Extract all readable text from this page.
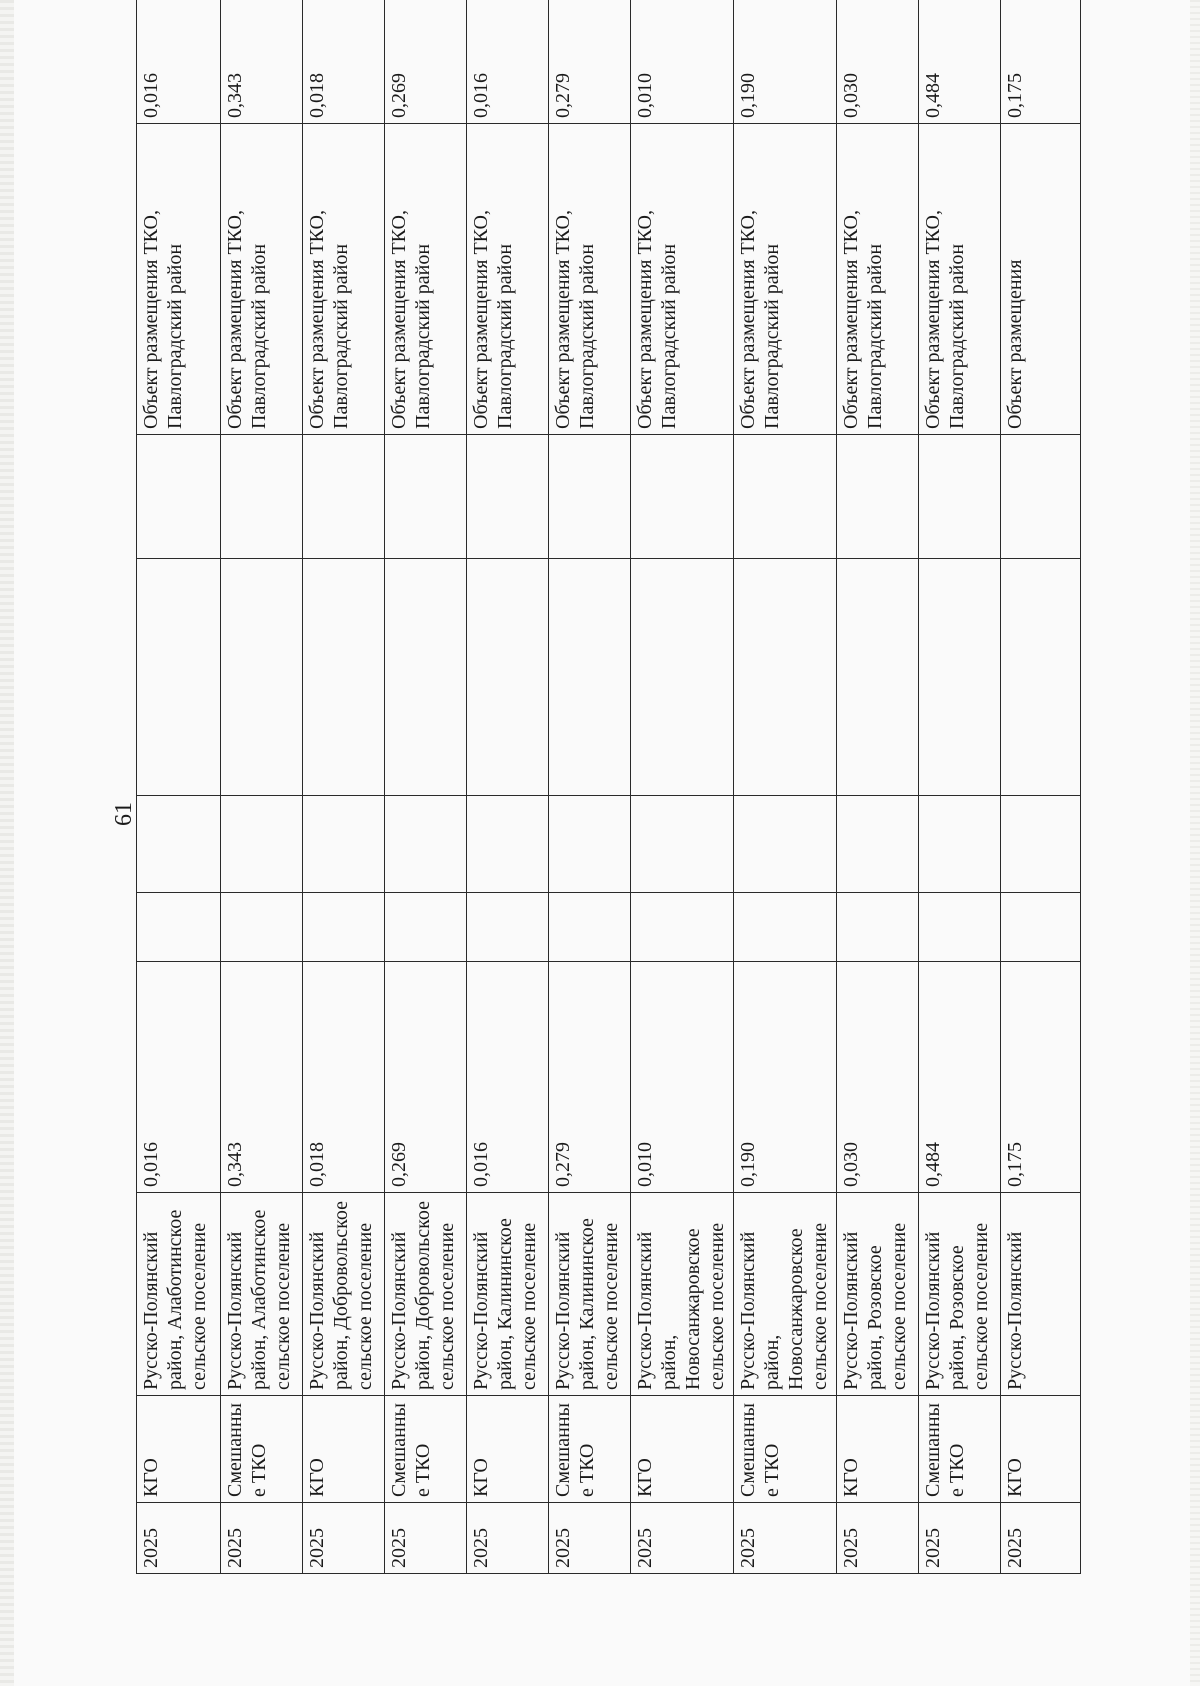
61
2025	КГО	Русско-Полянский район, Алаботинское сельское поселение	0,016					Объект размещения ТКО, Павлоградский район	0,016
2025	Смешанные ТКО	Русско-Полянский район, Алаботинское сельское поселение	0,343					Объект размещения ТКО, Павлоградский район	0,343
2025	КГО	Русско-Полянский район, Добровольское сельское поселение	0,018					Объект размещения ТКО, Павлоградский район	0,018
2025	Смешанные ТКО	Русско-Полянский район, Добровольское сельское поселение	0,269					Объект размещения ТКО, Павлоградский район	0,269
2025	КГО	Русско-Полянский район, Калининское сельское поселение	0,016					Объект размещения ТКО, Павлоградский район	0,016
2025	Смешанные ТКО	Русско-Полянский район, Калининское сельское поселение	0,279					Объект размещения ТКО, Павлоградский район	0,279
2025	КГО	Русско-Полянский район, Новосанжаровское сельское поселение	0,010					Объект размещения ТКО, Павлоградский район	0,010
2025	Смешанные ТКО	Русско-Полянский район, Новосанжаровское сельское поселение	0,190					Объект размещения ТКО, Павлоградский район	0,190
2025	КГО	Русско-Полянский район, Розовское сельское поселение	0,030					Объект размещения ТКО, Павлоградский район	0,030
2025	Смешанные ТКО	Русско-Полянский район, Розовское сельское поселение	0,484					Объект размещения ТКО, Павлоградский район	0,484
2025	КГО	Русско-Полянский	0,175					Объект размещения	0,175
